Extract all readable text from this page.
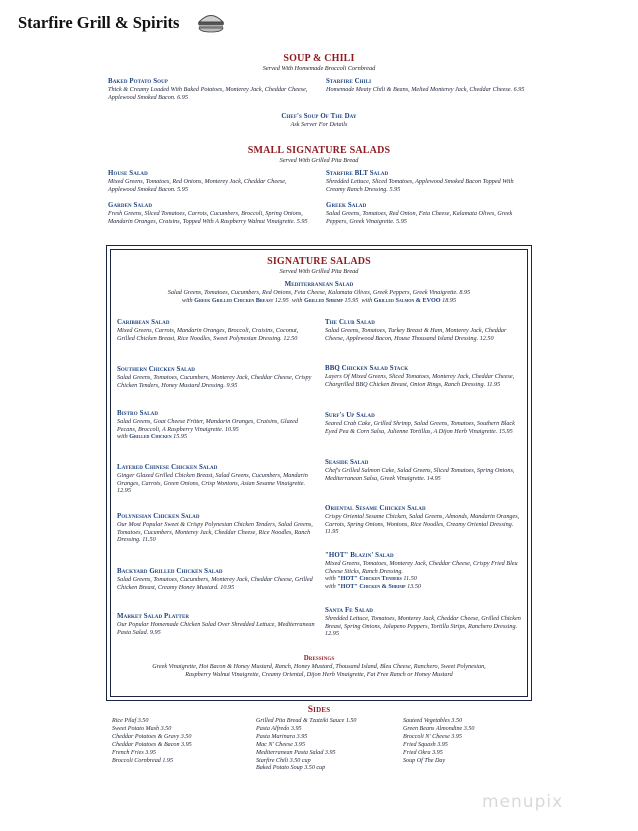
Starfire Grill & Spirits
SOUP & CHILI
Served With Homemade Broccoli Cornbread
Baked Potato Soup
Thick & Creamy Loaded With Baked Potatoes, Monterey Jack, Cheddar Cheese, Applewood Smoked Bacon. 6.95
Starfire Chili
Homemade Meaty Chili & Beans, Melted Monterey Jack, Cheddar Cheese. 6.95
Chef's Soup Of The Day
Ask Server For Details
SMALL SIGNATURE SALADS
Served With Grilled Pita Bread
House Salad
Mixed Greens, Tomatoes, Red Onions, Monterey Jack, Cheddar Cheese, Applewood Smoked Bacon. 5.95
Starfire BLT Salad
Shredded Lettuce, Sliced Tomatoes, Applewood Smoked Bacon Topped With Creamy Ranch Dressing. 5.95
Garden Salad
Fresh Greens, Sliced Tomatoes, Carrots, Cucumbers, Broccoli, Spring Onions, Mandarin Oranges, Craisins, Topped With A Raspberry Walnut Vinaigrette. 5.95
Greek Salad
Salad Greens, Tomatoes, Red Onion, Feta Cheese, Kalamata Olives, Greek Peppers, Greek Vinaigrette. 5.95
SIGNATURE SALADS
Served With Grilled Pita Bread
Mediterranean Salad
Salad Greens, Tomatoes, Cucumbers, Red Onions, Feta Cheese, Kalamata Olives, Greek Peppers, Greek Vinaigrette. 8.95
with Greek Grilled Chicken Breast 12.95 with Grilled Shrimp 15.95 with Grilled Salmon & EVOO 18.95
Caribbean Salad
Mixed Greens, Carrots, Mandarin Oranges, Broccoli, Craisins, Coconut, Grilled Chicken Breast, Rice Noodles, Sweet Polynesian Dressing. 12.50
Southern Chicken Salad
Salad Greens, Tomatoes, Cucumbers, Monterey Jack, Cheddar Cheese, Crispy Chicken Tenders, Honey Mustard Dressing. 9.95
Bistro Salad
Salad Greens, Goat Cheese Fritter, Mandarin Oranges, Craisins, Glazed Pecans, Broccoli, A Raspberry Vinaigrette. 10.95
with Grilled Chicken 15.95
Layered Chinese Chicken Salad
Ginger Glazed Grilled Chicken Breast, Salad Greens, Cucumbers, Mandarin Oranges, Carrots, Green Onions, Crisp Wontons, Asian Sesame Vinaigrette. 12.95
Polynesian Chicken Salad
Our Most Popular Sweet & Crispy Polynesian Chicken Tenders, Salad Greens, Tomatoes, Cucumbers, Monterey Jack, Cheddar Cheese, Rice Noodles, Ranch Dressing. 11.50
Backyard Grilled Chicken Salad
Salad Greens, Tomatoes, Cucumbers, Monterey Jack, Cheddar Cheese, Grilled Chicken Breast, Creamy Honey Mustard. 10.95
Market Salad Platter
Our Popular Homemade Chicken Salad Over Shredded Lettuce, Mediterranean Pasta Salad. 9.95
The Club Salad
Salad Greens, Tomatoes, Turkey Breast & Ham, Monterey Jack, Cheddar Cheese, Applewood Bacon, House Thousand Island Dressing. 12.50
BBQ Chicken Salad Stack
Layers Of Mixed Greens, Sliced Tomatoes, Monterey Jack, Cheddar Cheese, Chargrilled BBQ Chicken Breast, Onion Rings, Ranch Dressing. 11.95
Surf's Up Salad
Seared Crab Cake, Grilled Shrimp, Salad Greens, Tomatoes, Southern Black Eyed Pea & Corn Salsa, Julienne Tortillas, A Dijon Herb Vinaigrette. 15.95
Seaside Salad
Chef's Grilled Salmon Cake, Salad Greens, Sliced Tomatoes, Spring Onions, Mediterranean Salsa, Greek Vinaigrette. 14.95
Oriental Sesame Chicken Salad
Crispy Oriental Sesame Chicken, Salad Greens, Almonds, Mandarin Oranges, Carrots, Spring Onions, Wontons, Rice Noodles, Creamy Oriental Dressing. 11.95
"HOT" Blazin' Salad
Mixed Greens, Tomatoes, Monterey Jack, Cheddar Cheese, Crispy Fried Bleu Cheese Sticks, Ranch Dressing.
with "HOT" Chicken Tenders 11.50
with "HOT" Chicken & Shrimp 13.50
Santa Fe Salad
Shredded Lettuce, Tomatoes, Monterey Jack, Cheddar Cheese, Grilled Chicken Breast, Spring Onions, Jalapeno Peppers, Tortilla Strips, Ranchero Dressing. 12.95
Dressings
Greek Vinaigrette, Hot Bacon & Honey Mustard, Ranch, Honey Mustard, Thousand Island, Bleu Cheese, Ranchero, Sweet Polynesian, Raspberry Walnut Vinaigrette, Creamy Oriental, Dijon Herb Vinaigrette, Fat Free Ranch or Honey Mustard
Sides
Rice Pilaf 3.50
Sweet Potato Mash 3.50
Cheddar Potatoes & Gravy 3.50
Cheddar Potatoes & Bacon 3.95
French Fries 3.95
Broccoli Cornbread 1.95
Grilled Pita Bread & Tzatziki Sauce 1.50
Pasta Alfredo 3.95
Pasta Marinara 3.95
Mac N' Cheese 3.95
Mediterranean Pasta Salad 3.95
Starfire Chili 3.50 cup
Baked Potato Soup 3.50 cup
Sauteed Vegetables 3.50
Green Beans Almondine 3.50
Broccoli N' Cheese 3.95
Fried Squash 3.95
Fried Okra 3.95
Soup Of The Day
menupix
